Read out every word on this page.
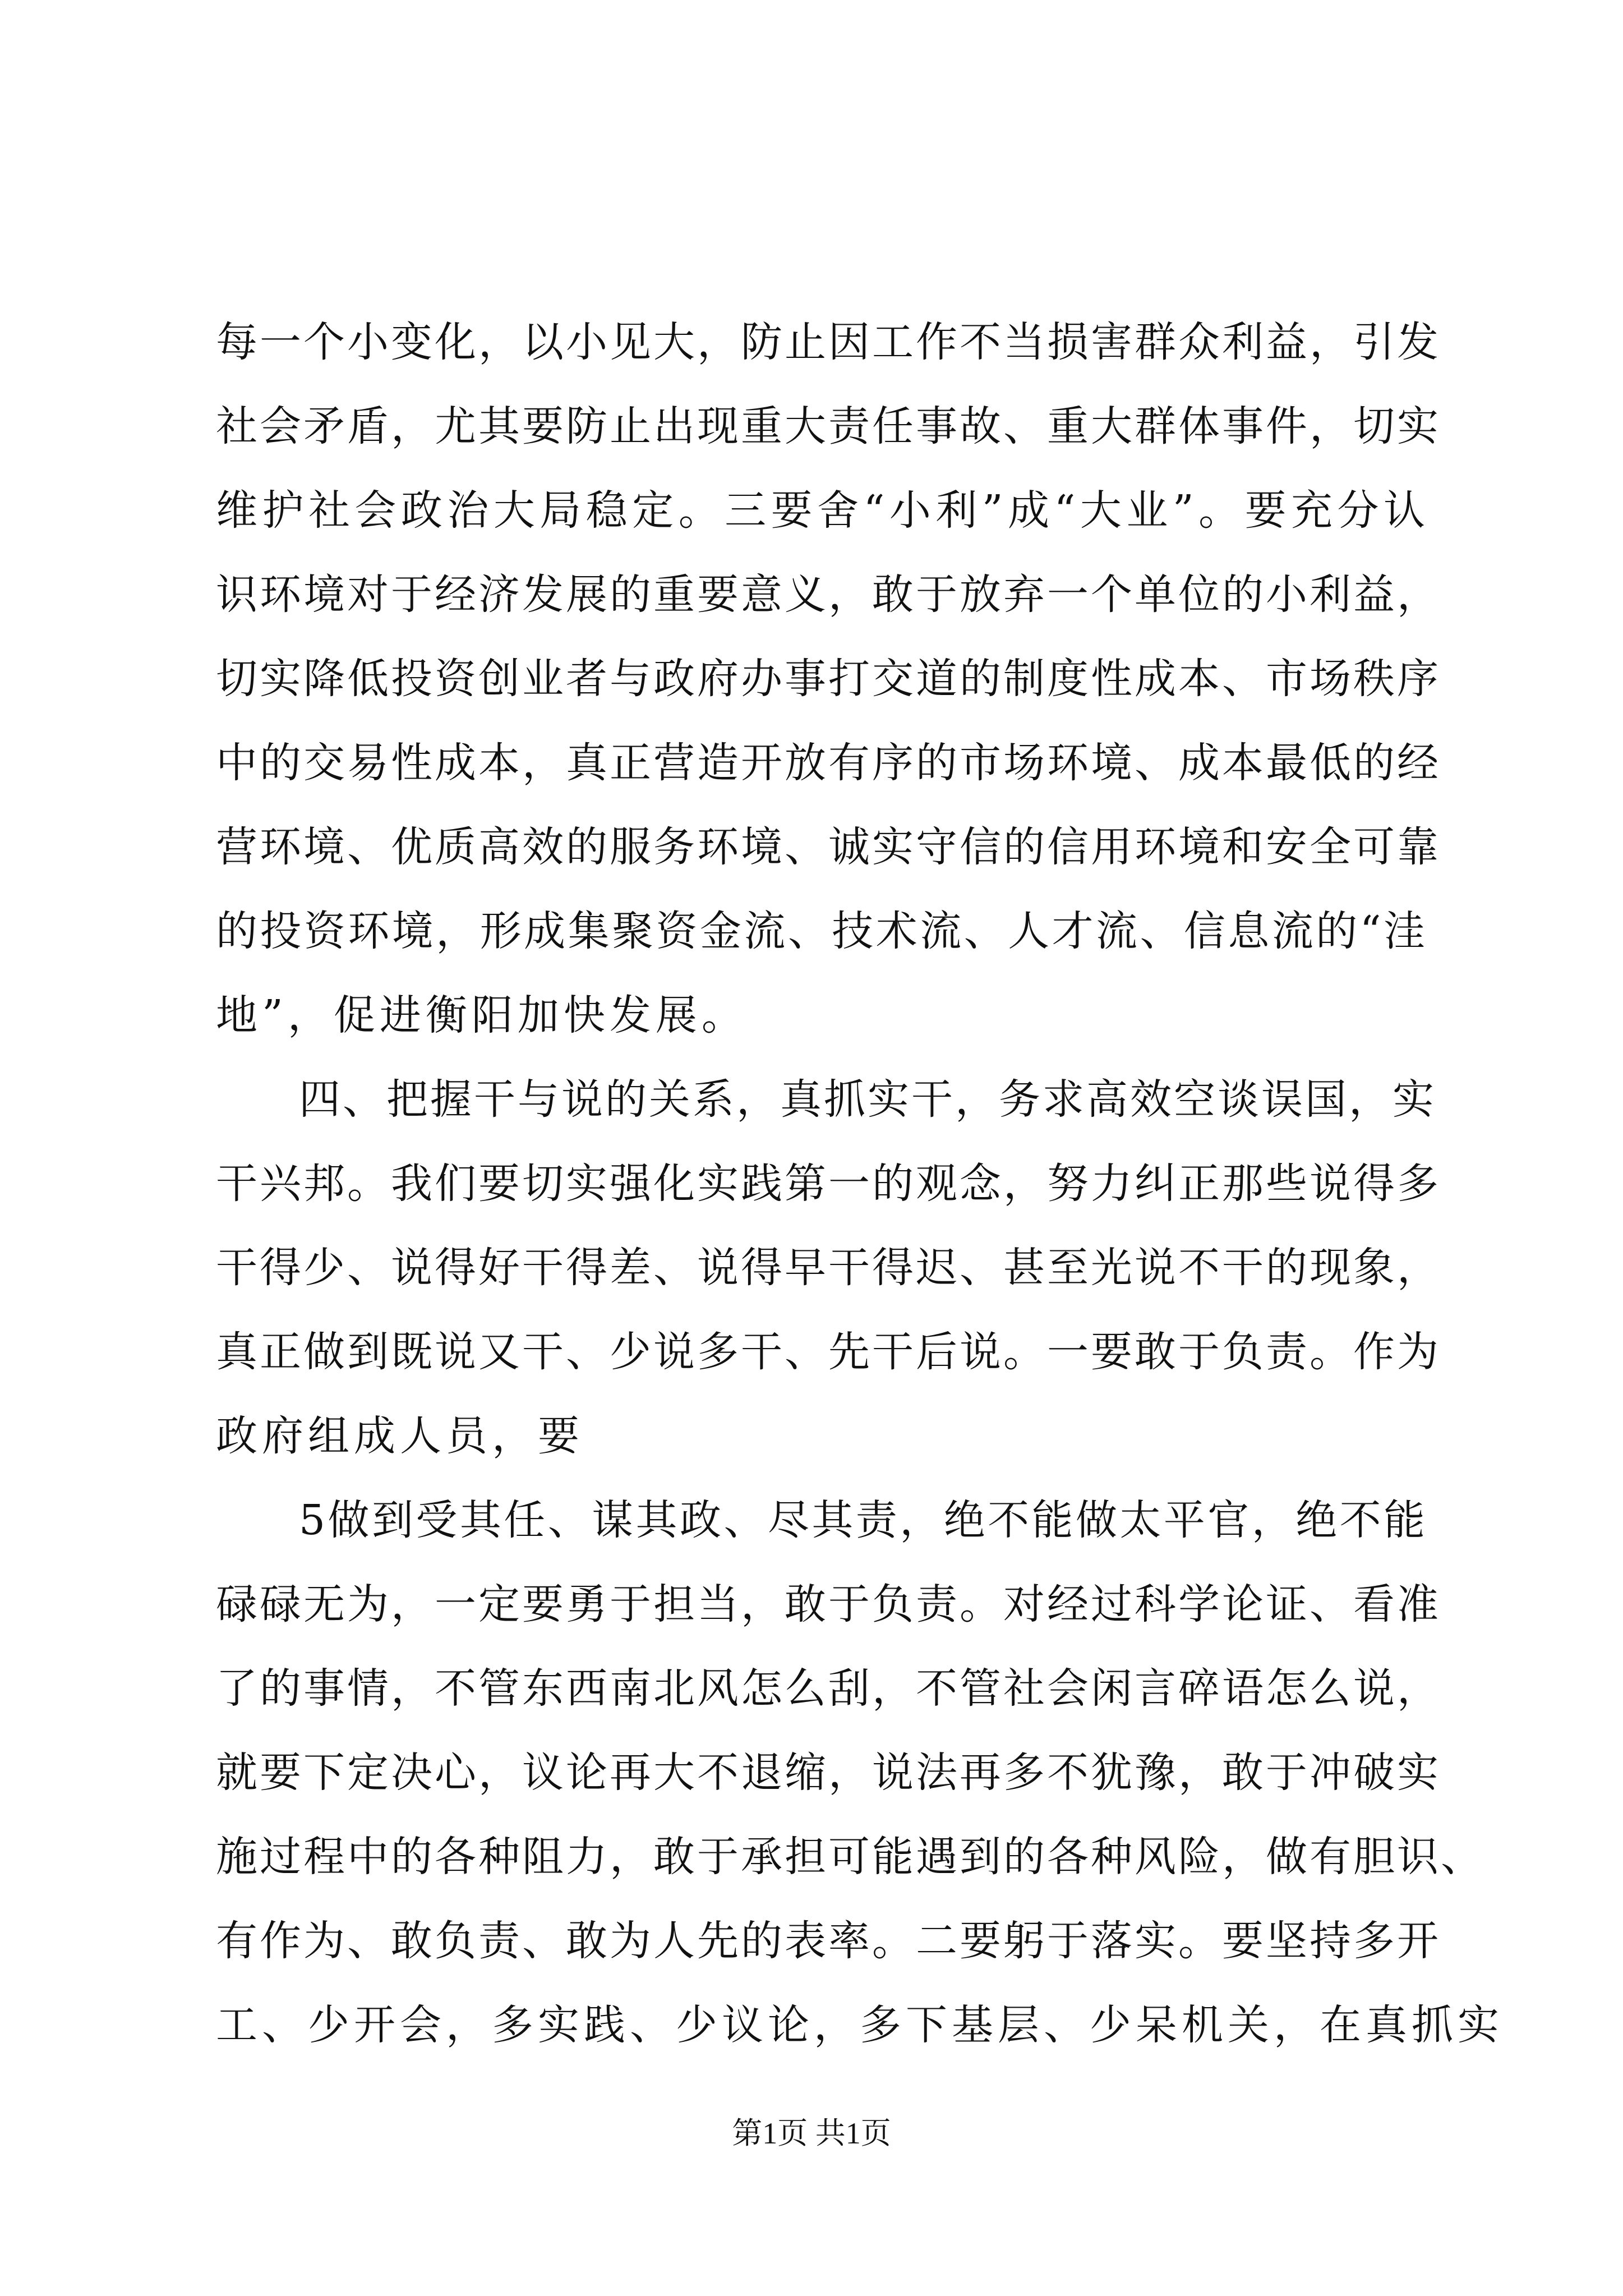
每一个小变化，以小见大，防止因工作不当损害群众利益，引发
社会矛盾，尤其要防止出现重大责任事故、重大群体事件，切实
维护社会政治大局稳定。三要舍“小利”成“大业”。要充分认
识环境对于经济发展的重要意义，敢于放弃一个单位的小利益，
切实降低投资创业者与政府办事打交道的制度性成本、市场秩序
中的交易性成本，真正营造开放有序的市场环境、成本最低的经
营环境、优质高效的服务环境、诚实守信的信用环境和安全可靠
的投资环境，形成集聚资金流、技术流、人才流、信息流的“洼
地”，促进衡阳加快发展。
四、把握干与说的关系，真抓实干，务求高效空谈误国，实
干兴邦。我们要切实强化实践第一的观念，努力纠正那些说得多
干得少、说得好干得差、说得早干得迟、甚至光说不干的现象，
真正做到既说又干、少说多干、先干后说。一要敢于负责。作为
政府组成人员，要
5做到受其任、谋其政、尽其责，绝不能做太平官，绝不能
碌碌无为，一定要勇于担当，敢于负责。对经过科学论证、看准
了的事情，不管东西南北风怎么刮，不管社会闲言碎语怎么说，
就要下定决心，议论再大不退缩，说法再多不犹豫，敢于冲破实
施过程中的各种阻力，敢于承担可能遇到的各种风险，做有胆识、
有作为、敢负责、敢为人先的表率。二要躬于落实。要坚持多开
工、少开会，多实践、少议论，多下基层、少呆机关，在真抓实
第1页 共1页
